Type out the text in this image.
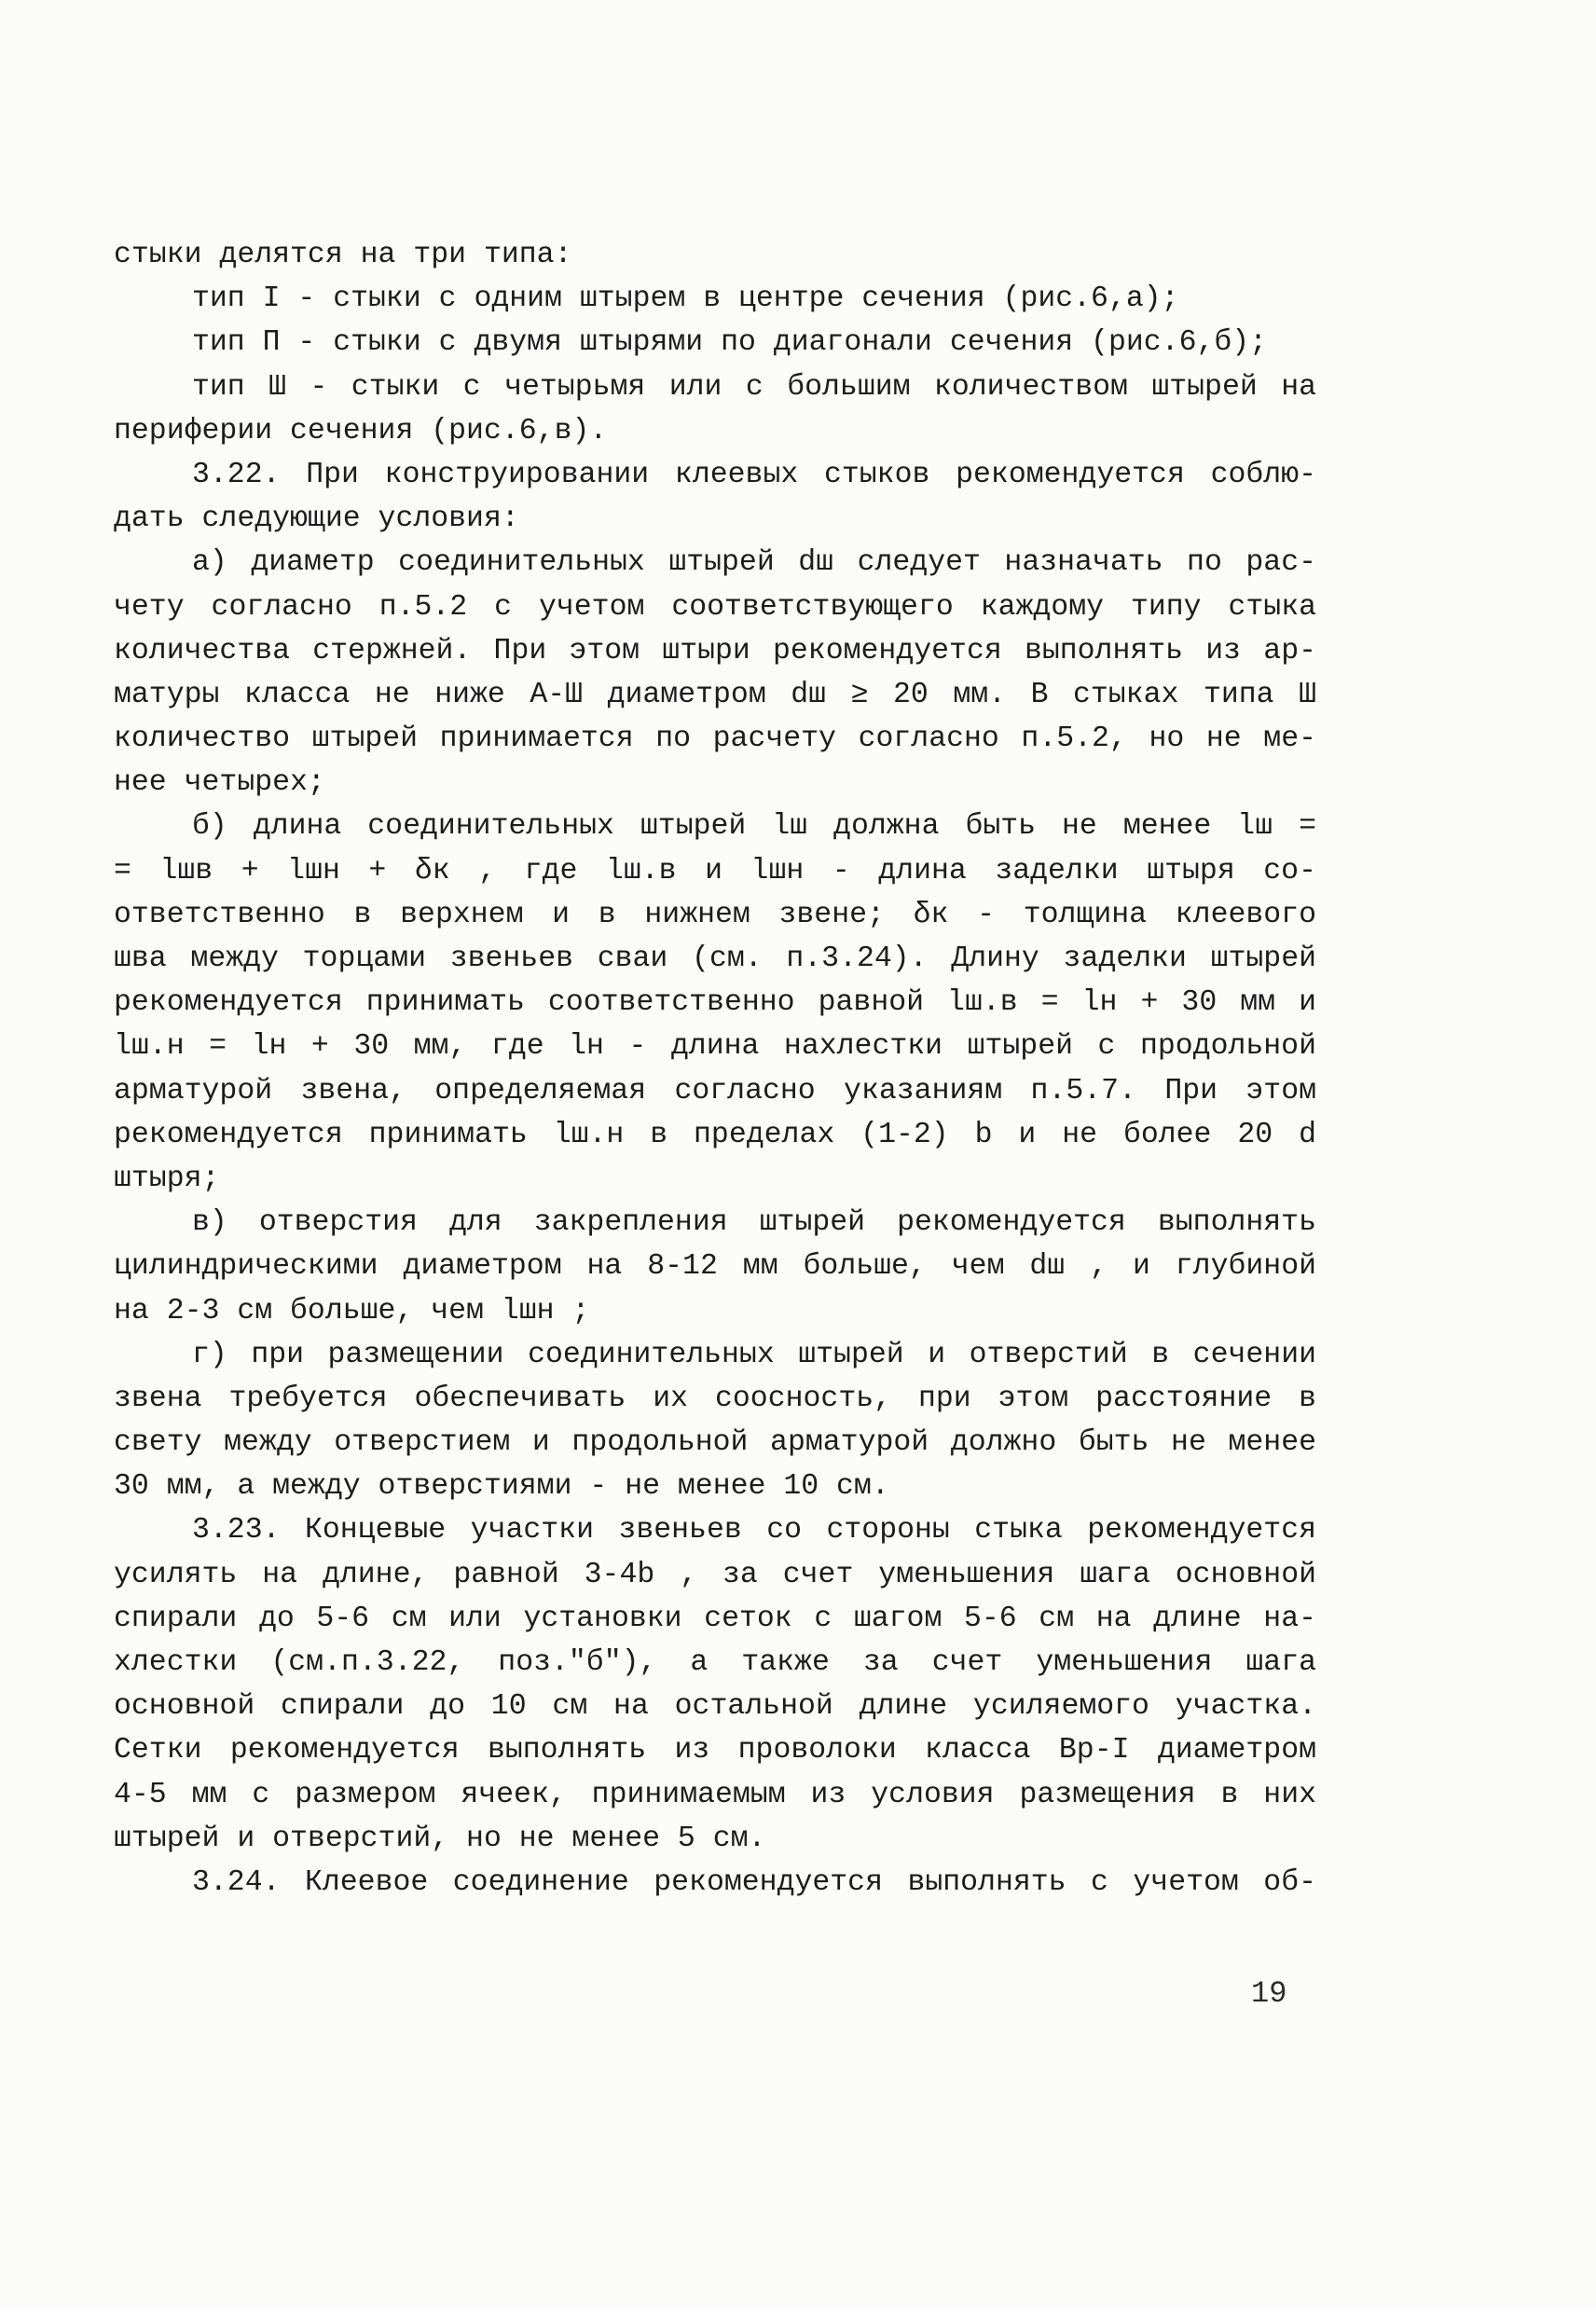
стыки делятся на три типа:
тип I - стыки с одним штырем в центре сечения (рис.6,а);
тип П - стыки с двумя штырями по диагонали сечения (рис.6,б);
тип Ш - стыки с четырьмя или с большим количеством штырей на
периферии сечения (рис.6,в).
3.22. При конструировании клеевых стыков рекомендуется соблю-
дать следующие условия:
а) диаметр соединительных штырей dш следует назначать по рас-
чету согласно п.5.2 с учетом соответствующего каждому типу стыка
количества стержней. При этом штыри рекомендуется выполнять из ар-
матуры класса не ниже А-Ш диаметром dш ≥ 20 мм. В стыках типа Ш
количество штырей принимается по расчету согласно п.5.2, но не ме-
нее четырех;
б) длина соединительных штырей lш должна быть не менее lш =
= lшв + lшн + δк , где lш.в и lшн - длина заделки штыря со-
ответственно в верхнем и в нижнем звене; δк - толщина клеевого
шва между торцами звеньев сваи (см. п.3.24). Длину заделки штырей
рекомендуется принимать соответственно равной lш.в = lн + 30 мм и
lш.н = lн + 30 мм, где lн - длина нахлестки штырей с продольной
арматурой звена, определяемая согласно указаниям п.5.7. При этом
рекомендуется принимать lш.н в пределах (1-2) b и не более 20 d
штыря;
в) отверстия для закрепления штырей рекомендуется выполнять
цилиндрическими диаметром на 8-12 мм больше, чем dш , и глубиной
на 2-3 см больше, чем lшн ;
г) при размещении соединительных штырей и отверстий в сечении
звена требуется обеспечивать их соосность, при этом расстояние в
свету между отверстием и продольной арматурой должно быть не менее
30 мм, а между отверстиями - не менее 10 см.
3.23. Концевые участки звеньев со стороны стыка рекомендуется
усилять на длине, равной 3-4b , за счет уменьшения шага основной
спирали до 5-6 см или установки сеток с шагом 5-6 см на длине на-
хлестки (см.п.3.22, поз."б"), а также за счет уменьшения шага
основной спирали до 10 см на остальной длине усиляемого участка.
Сетки рекомендуется выполнять из проволоки класса Вр-I диаметром
4-5 мм с размером ячеек, принимаемым из условия размещения в них
штырей и отверстий, но не менее 5 см.
3.24. Клеевое соединение рекомендуется выполнять с учетом об-
19
